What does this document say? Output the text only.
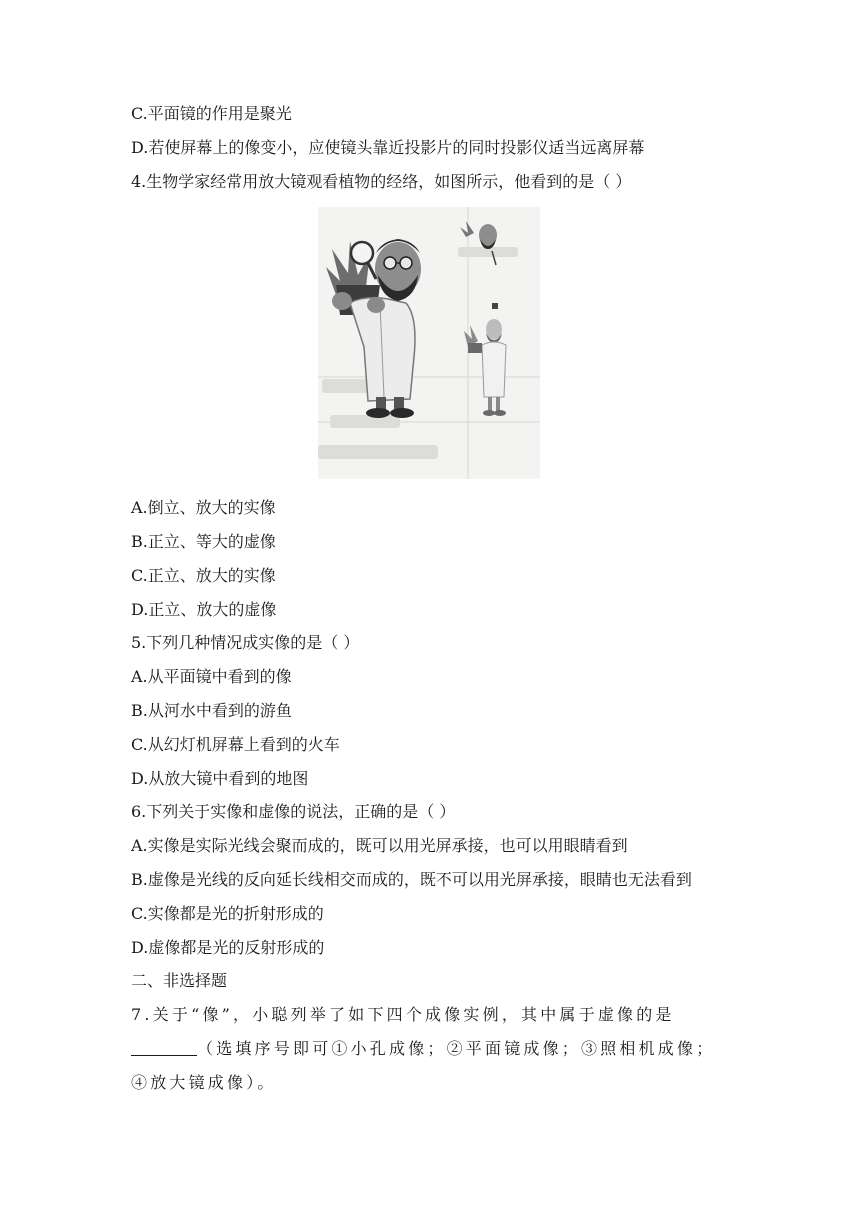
C.平面镜的作用是聚光
D.若使屏幕上的像变小，应使镜头靠近投影片的同时投影仪适当远离屏幕
4.生物学家经常用放大镜观看植物的经络，如图所示，他看到的是（ ）
A.倒立、放大的实像
B.正立、等大的虚像
C.正立、放大的实像
D.正立、放大的虚像
5.下列几种情况成实像的是（ ）
A.从平面镜中看到的像
B.从河水中看到的游鱼
C.从幻灯机屏幕上看到的火车
D.从放大镜中看到的地图
6.下列关于实像和虚像的说法，正确的是（ ）
A.实像是实际光线会聚而成的，既可以用光屏承接，也可以用眼睛看到
B.虚像是光线的反向延长线相交而成的，既不可以用光屏承接，眼睛也无法看到
C.实像都是光的折射形成的
D.虚像都是光的反射形成的
二、非选择题
7.关于“像”，小聪列举了如下四个成像实例，其中属于虚像的是
（选填序号即可①小孔成像；②平面镜成像；③照相机成像；
④放大镜成像）。
